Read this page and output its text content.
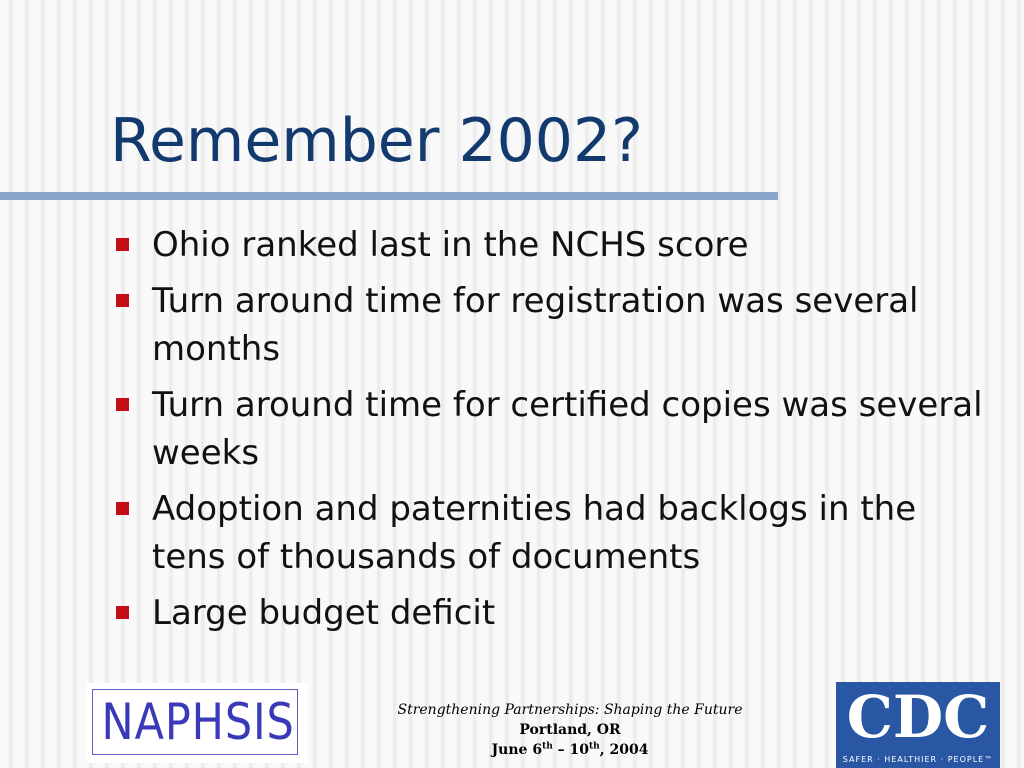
Remember 2002?
Ohio ranked last in the NCHS score
Turn around time for registration was several months
Turn around time for certified copies was several weeks
Adoption and paternities had backlogs in the tens of thousands of documents
Large budget deficit
NAPHSIS	Strengthening Partnerships: Shaping the Future
Portland, OR
June 6th – 10th, 2004	CDC
SAFER · HEALTHIER · PEOPLE™
